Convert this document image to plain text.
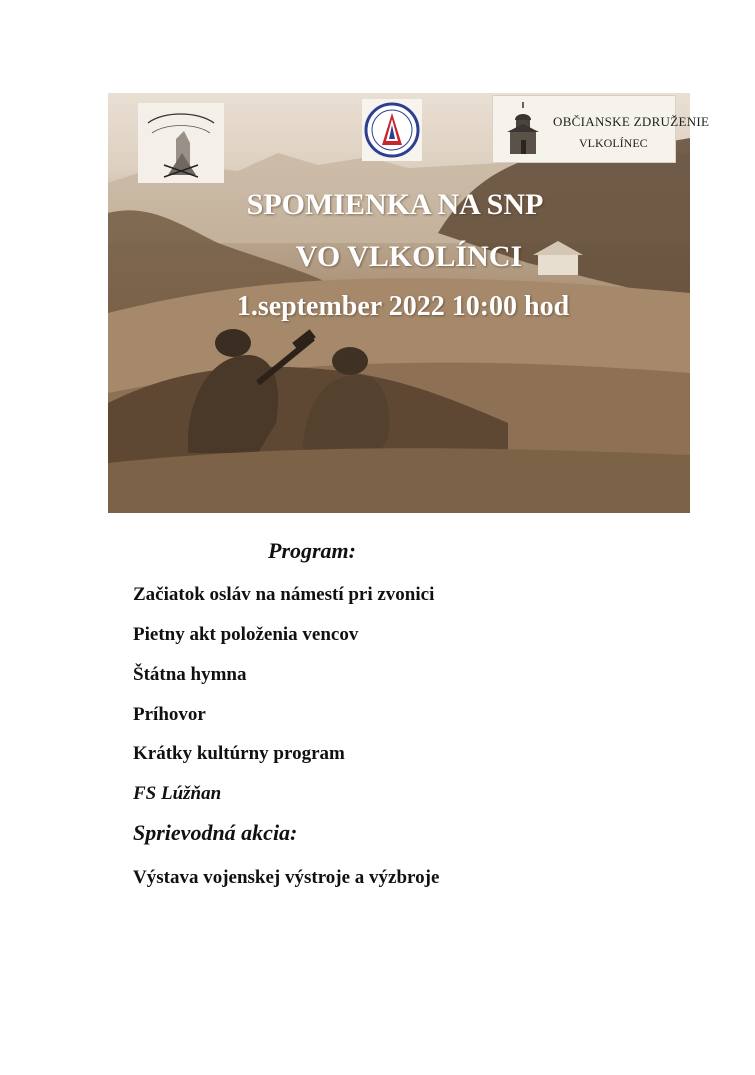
OBČIANSKE ZDRUŽENIE
VLKOLÍNEC
SPOMIENKA NA SNP
VO VLKOLÍNCI
1.september 2022 10:00 hod
Program:
Začiatok osláv na námestí pri zvonici
Pietny akt položenia vencov
Štátna hymna
Príhovor
Krátky kultúrny program
FS Lúžňan
Sprievodná akcia:
Výstava vojenskej výstroje a výzbroje
